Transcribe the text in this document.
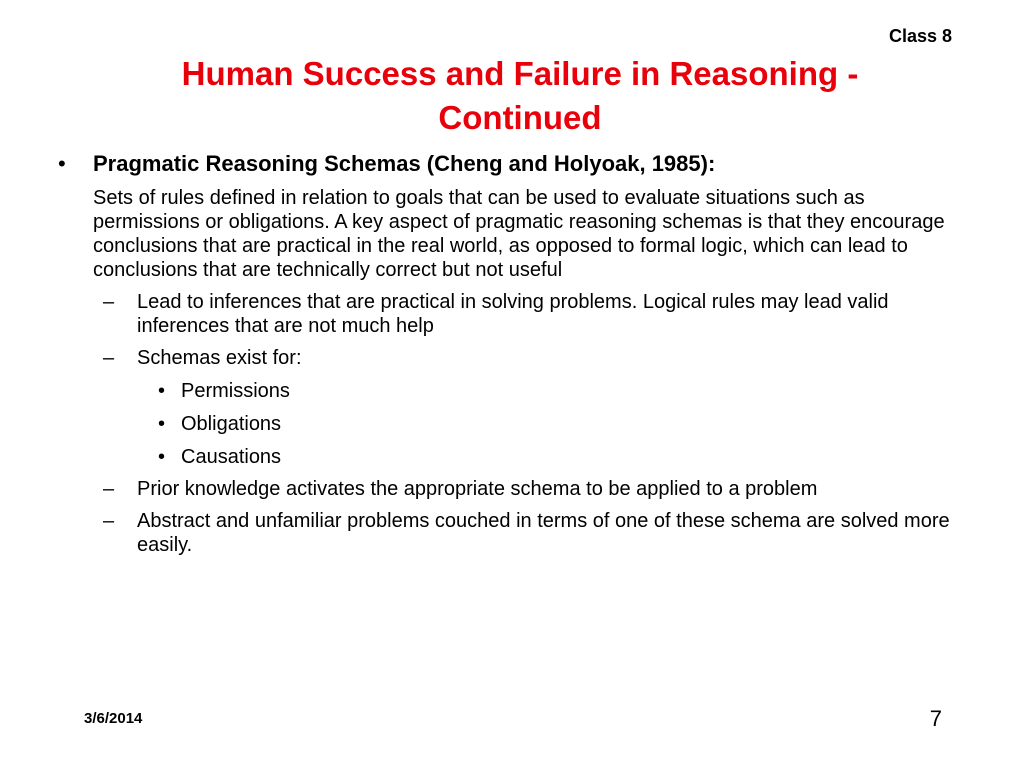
Class 8
Human Success and Failure in Reasoning -
Continued
•	Pragmatic Reasoning Schemas (Cheng and Holyoak, 1985):
Sets of rules defined in relation to goals that can be used to evaluate situations such as permissions or obligations. A key aspect of pragmatic reasoning schemas is that they encourage conclusions that are practical in the real world, as opposed to formal logic, which can lead to conclusions that are technically correct but not useful
–	Lead to inferences that are practical in solving problems. Logical rules may lead valid inferences that are not much help
–	Schemas exist for:
• Permissions
• Obligations
• Causations
–	Prior knowledge activates the appropriate schema to be applied to a problem
–	Abstract and unfamiliar problems couched in terms of one of these schema are solved more easily.
3/6/2014	7
